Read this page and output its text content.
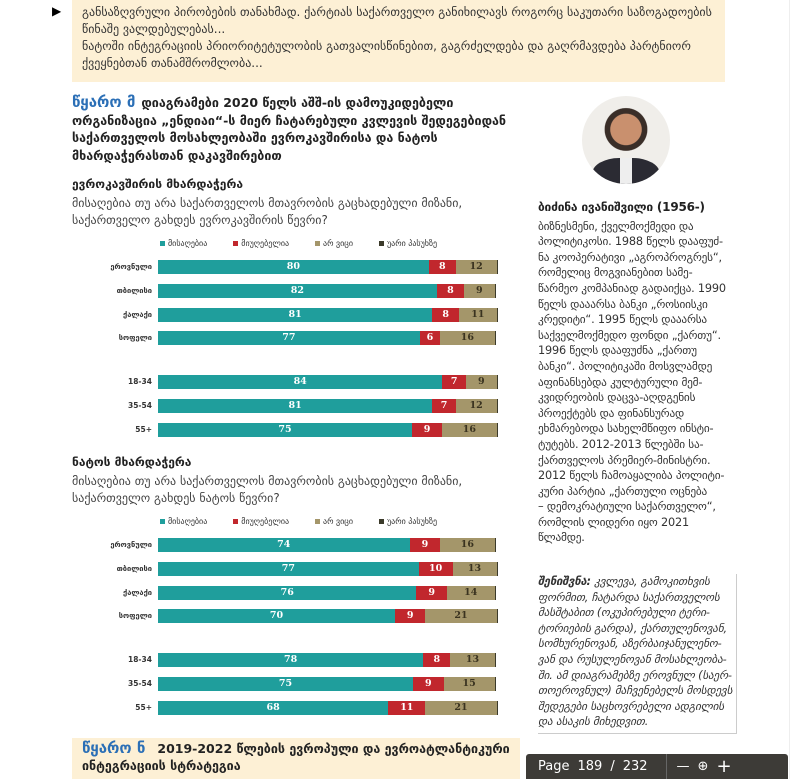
▶ განსაზღვრული პირობების თანახმად. ქარტიას საქართველო განიხილავს როგორც საკუთარი საზოგადოების წინაშე ვალდებულებას...
ნატოში ინტეგრაციის პრიორიტეტულობის გათვალისწინებით, გაგრძელდება და გაღრმავდება პარტნიორ ქვეყნებთან თანამშრომლობა...
წყარო მ დიაგრამები 2020 წელს აშშ-ის დამოუკიდებელი ორგანიზაცია „ენდიაი“-ს მიერ ჩატარებული კვლევის შედეგებიდან საქართველოს მოსახლეობაში ევროკავშირისა და ნატოს მხარდაჭერასთან დაკავშირებით
ევროკავშირის მხარდაჭერა
მისაღებია თუ არა საქართველოს მთავრობის გაცხადებული მიზანი, საქართველო გახდეს ევროკავშირის წევრი?
მისაღებია	მიუღებელია	არ ვიცი	უარი პასუხზე
ეროვნული	80	8	12
თბილისი	82	8	9
ქალაქი	81	8	11
სოფელი	77	6	16
18-34	84	7	9
35-54	81	7	12
55+	75	9	16
ნატოს მხარდაჭერა
მისაღებია თუ არა საქართველოს მთავრობის გაცხადებული მიზანი, საქართველო გახდეს ნატოს წევრი?
მისაღებია	მიუღებელია	არ ვიცი	უარი პასუხზე
ეროვნული	74	9	16
თბილისი	77	10	13
ქალაქი	76	9	14
სოფელი	70	9	21
18-34	78	8	13
35-54	75	9	15
55+	68	11	21
ბიძინა ივანიშვილი (1956-)
ბიზნესმენი, ქველმოქმედი და
პოლიტიკოსი. 1988 წელს დააფუძ-
ნა კოოპერატივი „აგროპროგრეს“,
რომელიც მოგვიანებით სამე-
წარმეო კომპანიად გადაიქცა. 1990
წელს დააარსა ბანკი „როსიისკი
კრედიტი“. 1995 წელს დააარსა
საქველმოქმედო ფონდი „ქართუ“.
1996 წელს დააფუძნა „ქართუ
ბანკი“. პოლიტიკაში მოსვლამდე
აფინანსებდა კულტურული მემ-
კვიდრეობის დაცვა-აღდგენის
პროექტებს და ფინანსურად
ეხმარებოდა სახელმწიფო ინსტი-
ტუტებს. 2012-2013 წლებში სა-
ქართველოს პრემიერ-მინისტრი.
2012 წელს ჩამოაყალიბა პოლიტი-
კური პარტია „ქართული ოცნება
– დემოკრატიული საქართველო“,
რომლის ლიდერი იყო 2021
წლამდე.
შენიშვნა: კვლევა, გამოკითხვის
ფორმით, ჩატარდა საქართველოს
მასშტაბით (ოკუპირებული ტერი-
ტორიების გარდა), ქართულენოვან,
სომხურენოვან, აზერბაიჯანულენო-
ვან და რუსულენოვან მოსახლეობა-
ში. ამ დიაგრამებზე ეროვნულ (საერ-
თოეროვნულ) მაჩვენებელს მოსდევს
შედეგები საცხოვრებელი ადგილის
და ასაკის მიხედვით.
წყარო ნ 2019-2022 წლების ევროპული და ევროატლანტიკური ინტეგრაციის სტრატეგია	Page 189 / 232 — ⊕ +
